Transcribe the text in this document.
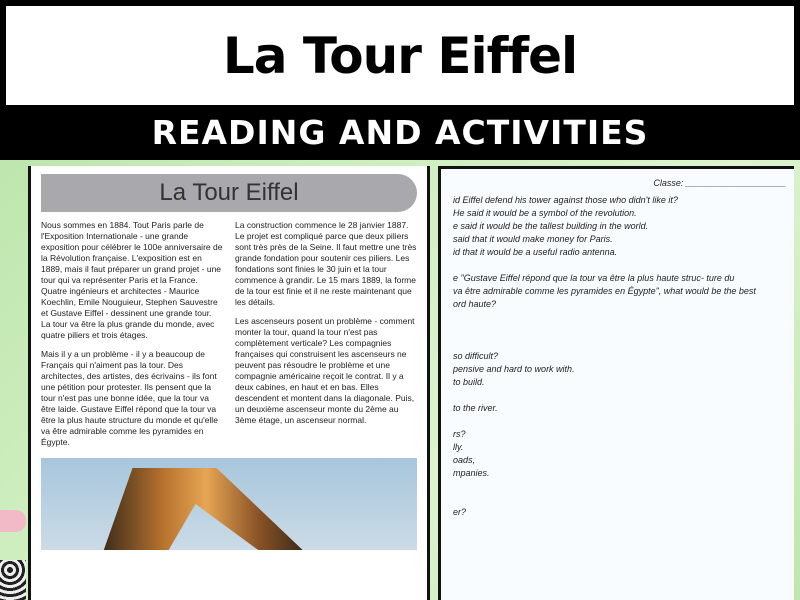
La Tour Eiffel
READING AND ACTIVITIES
La Tour Eiffel

Nous sommes en 1884. Tout Paris parle de l'Exposition Internationale - une grande exposition pour célébrer le 100e anniversaire de la Révolution française. L'exposition est en 1889, mais il faut préparer un grand projet - une tour qui va représenter Paris et la France. Quatre ingénieurs et architectes - Maurice Koechlin, Emile Nouguieur, Stephen Sauvestre et Gustave Eiffel - dessinent une grande tour. La tour va être la plus grande du monde, avec quatre piliers et trois étages.

Mais il y a un problème - il y a beaucoup de Français qui n'aiment pas la tour. Des architectes, des artistes, des écrivains - ils font une pétition pour protester. Ils pensent que la tour n'est pas une bonne idée, que la tour va être laide. Gustave Eiffel répond que la tour va être la plus haute structure du monde et qu'elle va être admirable comme les pyramides en Égypte.

La construction commence le 28 janvier 1887. Le projet est compliqué parce que deux piliers sont très près de la Seine. Il faut mettre une très grande fondation pour soutenir ces piliers. Les fondations sont finies le 30 juin et la tour commence à grandir. Le 15 mars 1889, la forme de la tour est finie et il ne reste maintenant que les détails.

Les ascenseurs posent un problème - comment monter la tour, quand la tour n'est pas complètement verticale? Les compagnies françaises qui construisent les ascenseurs ne peuvent pas résoudre le problème et une compagnie américaine reçoit le contrat. Il y a deux cabines, en haut et en bas. Elles descendent et montent dans la diagonale. Puis, un deuxième ascenseur monte du 2ème au 3ème étage, un ascenseur normal.

Classe: ____________________

id Eiffel defend his tower against those who didn't like it?

He said it would be a symbol of the revolution.

e said it would be the tallest building in the world.

said that it would make money for Paris.

id that it would be a useful radio antenna.

e "Gustave Eiffel répond que la tour va être la plus haute struc- ture du

va être admirable comme les pyramides en Égypte", what would be the best

ord haute?

so difficult?

pensive and hard to work with.

to build.

to the river.

rs?

lly.

oads,

mpanies.

er?
